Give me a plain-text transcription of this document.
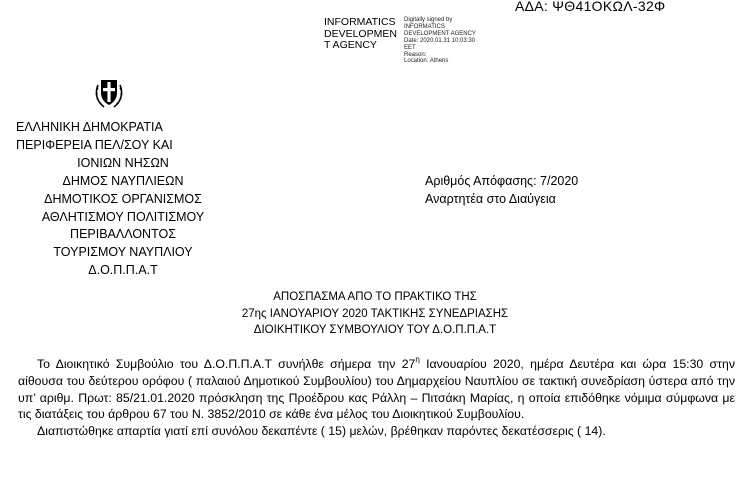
ΑΔΑ: ΨΘ41ΟΚΩΛ-32Φ
INFORMATICS
DEVELOPMEN
T AGENCY
Digitally signed by
INFORMATICS
DEVELOPMENT AGENCY
Date: 2020.01.31 10:03:30
EET
Reason:
Location: Athens
ΕΛΛΗΝΙΚΗ ΔΗΜΟΚΡΑΤΙΑ
ΠΕΡΙΦΕΡΕΙΑ ΠΕΛ/ΣΟΥ ΚΑΙ
ΙΟΝΙΩΝ ΝΗΣΩΝ
ΔΗΜΟΣ ΝΑΥΠΛΙΕΩΝ
ΔΗΜΟΤΙΚΟΣ ΟΡΓΑΝΙΣΜΟΣ
ΑΘΛΗΤΙΣΜΟΥ ΠΟΛΙΤΙΣΜΟΥ
ΠΕΡΙΒΑΛΛΟΝΤΟΣ
ΤΟΥΡΙΣΜΟΥ ΝΑΥΠΛΙΟΥ
Δ.Ο.Π.Π.Α.Τ
Αριθμός Απόφασης: 7/2020
Αναρτητέα στο Διαύγεια
ΑΠΟΣΠΑΣΜΑ ΑΠΟ ΤΟ ΠΡΑΚΤΙΚΟ ΤΗΣ
27ης ΙΑΝΟΥΑΡΙΟΥ 2020 ΤΑΚΤΙΚΗΣ ΣΥΝΕΔΡΙΑΣΗΣ
ΔΙΟΙΚΗΤΙΚΟΥ ΣΥΜΒΟΥΛΙΟΥ ΤΟΥ Δ.Ο.Π.Π.Α.Τ

Το Διοικητικό Συμβούλιο του Δ.Ο.Π.Π.Α.Τ συνήλθε σήμερα την $27^\eta$ Ιανουαρίου 2020, ημέρα Δευτέρα και ώρα 15:30 στην αίθουσα του δεύτερου ορόφου ( παλαιού Δημοτικού Συμβουλίου) του Δημαρχείου Ναυπλίου σε τακτική συνεδρίαση ύστερα από την υπ’ αριθμ. Πρωτ: 85/21.01.2020 πρόσκληση της Προέδρου κας Ράλλη – Πιτσάκη Μαρίας, η οποία επιδόθηκε νόμιμα σύμφωνα με τις διατάξεις του άρθρου 67 του Ν. 3852/2010 σε κάθε ένα μέλος του Διοικητικού Συμβουλίου.

Διαπιστώθηκε απαρτία γιατί επί συνόλου δεκαπέντε ( 15) μελών, βρέθηκαν παρόντες δεκατέσσερις ( 14).
